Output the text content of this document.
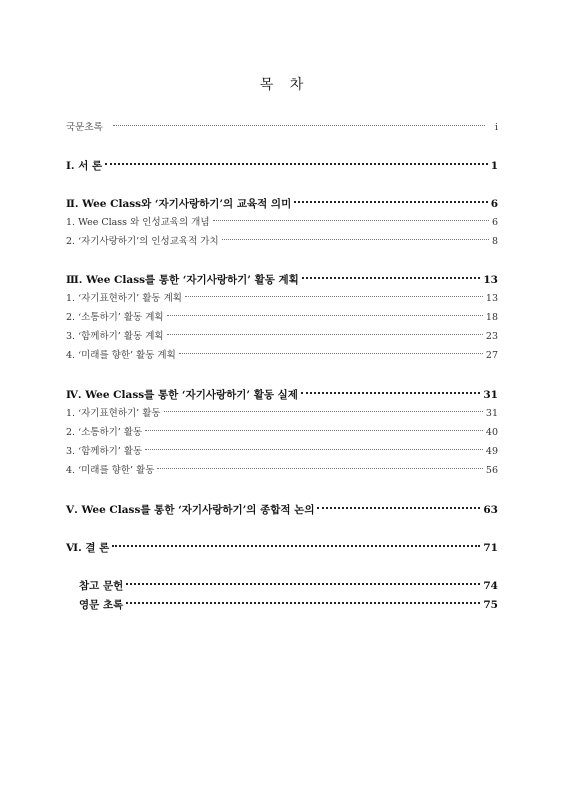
목 차
국문초록	i
Ⅰ. 서 론	1
Ⅱ. Wee Class와 ‘자기사랑하기’의 교육적 의미	6
1. Wee Class 와 인성교육의 개념	6
2. ‘자기사랑하기’의 인성교육적 가치	8
Ⅲ. Wee Class를 통한 ‘자기사랑하기’ 활동 계획	13
1. ‘자기표현하기’ 활동 계획	13
2. ‘소통하기’ 활동 계획	18
3. ‘함께하기’ 활동 계획	23
4. ‘미래를 향한’ 활동 계획	27
Ⅳ. Wee Class를 통한 ‘자기사랑하기’ 활동 실제	31
1. ‘자기표현하기’ 활동	31
2. ‘소통하기’ 활동	40
3. ‘함께하기’ 활동	49
4. ‘미래를 향한’ 활동	56
Ⅴ. Wee Class를 통한 ‘자기사랑하기’의 종합적 논의	63
Ⅵ. 결 론	71
참고 문헌	74
영문 초록	75
